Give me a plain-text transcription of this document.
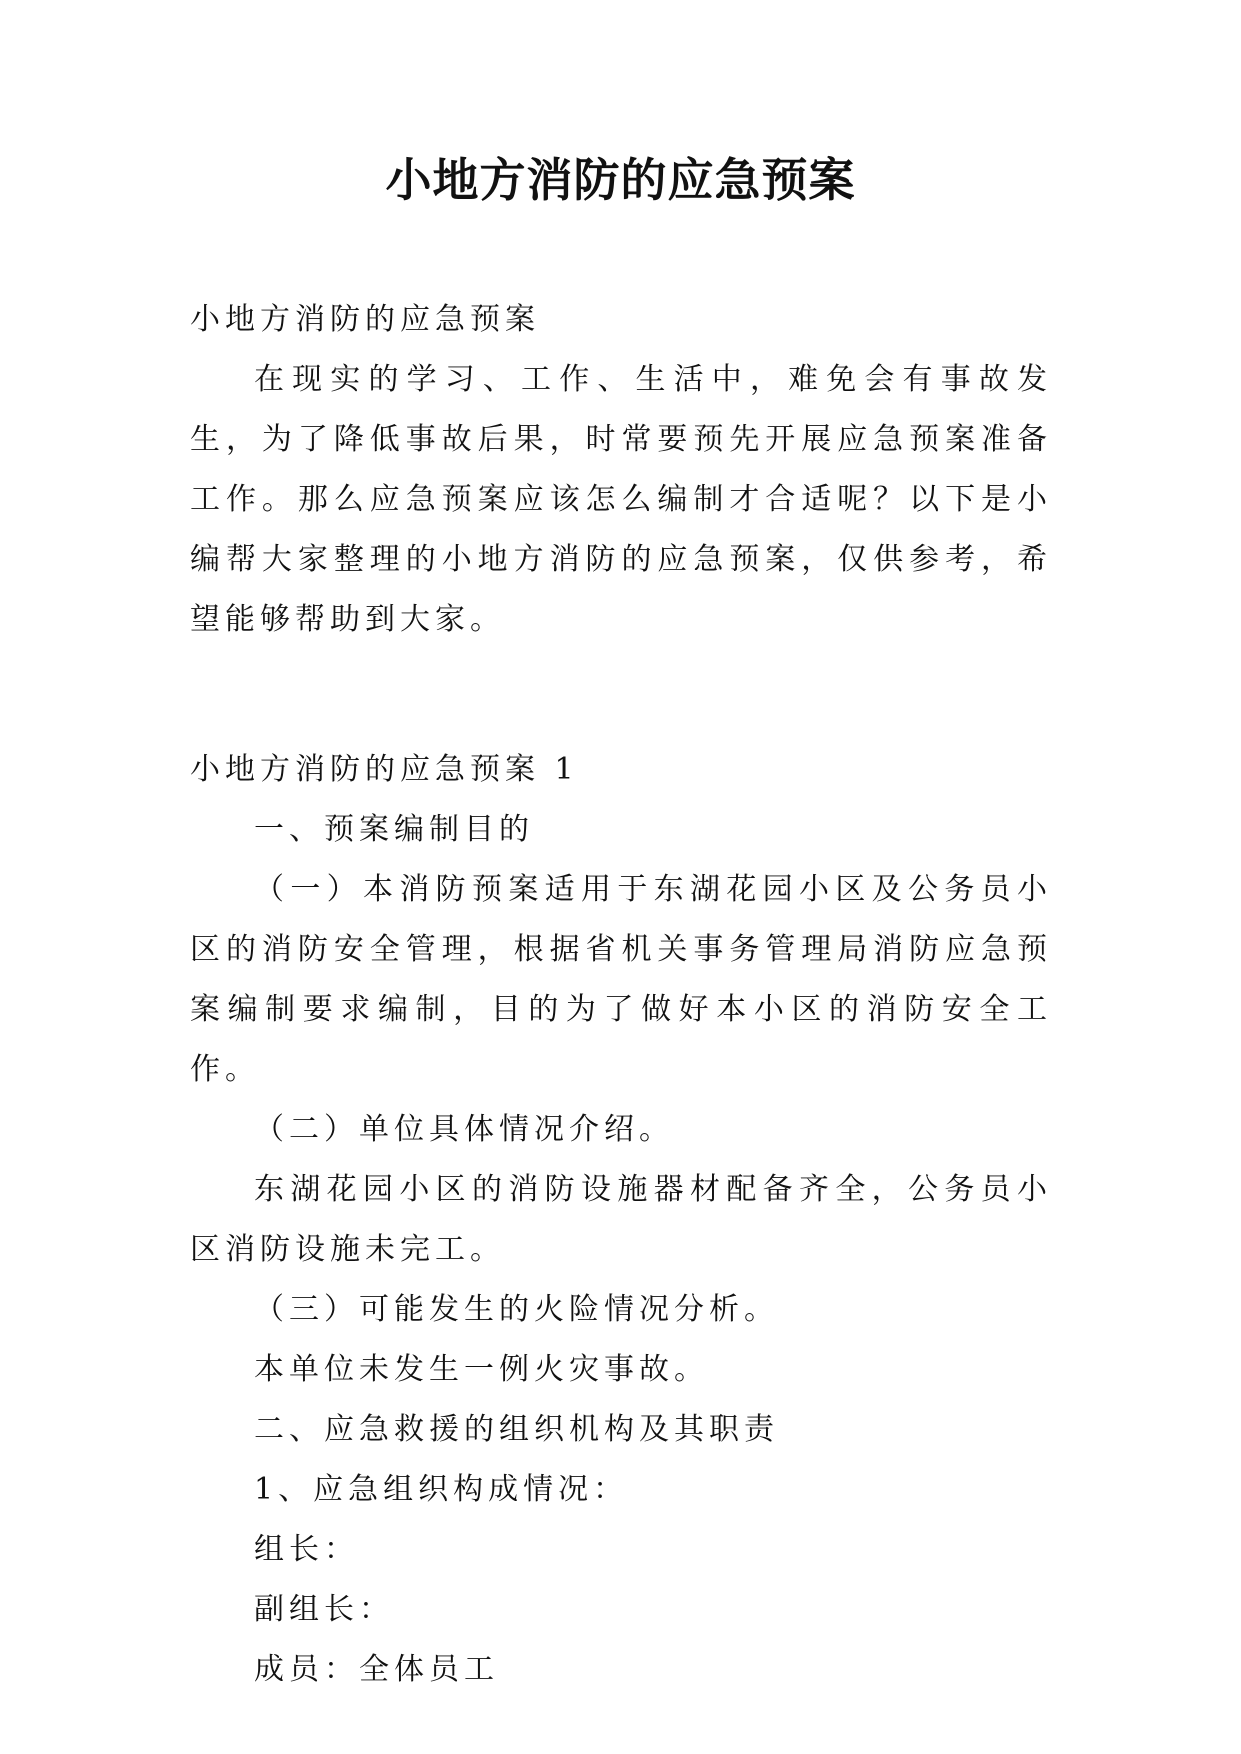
小地方消防的应急预案

小地方消防的应急预案

在现实的学习、工作、生活中，难免会有事故发生，为了降低事故后果，时常要预先开展应急预案准备工作。那么应急预案应该怎么编制才合适呢？以下是小编帮大家整理的小地方消防的应急预案，仅供参考，希望能够帮助到大家。

小地方消防的应急预案 1

一、预案编制目的

（一）本消防预案适用于东湖花园小区及公务员小区的消防安全管理，根据省机关事务管理局消防应急预案编制要求编制，目的为了做好本小区的消防安全工作。

（二）单位具体情况介绍。

东湖花园小区的消防设施器材配备齐全，公务员小区消防设施未完工。

（三）可能发生的火险情况分析。

本单位未发生一例火灾事故。

二、应急救援的组织机构及其职责

1、应急组织构成情况：

组长：

副组长：

成员：全体员工
